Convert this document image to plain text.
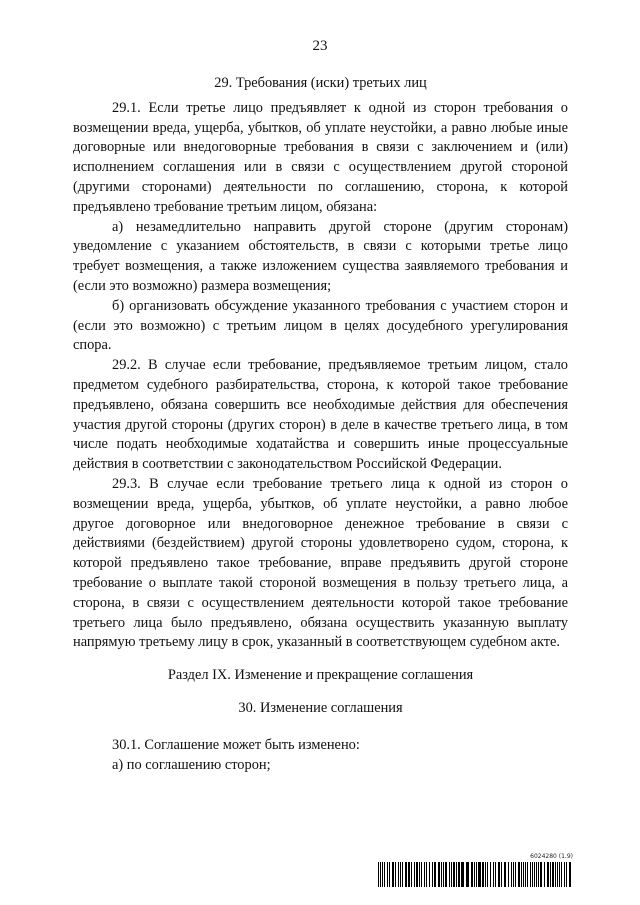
23

29. Требования (иски) третьих лиц

29.1. Если третье лицо предъявляет к одной из сторон требования о возмещении вреда, ущерба, убытков, об уплате неустойки, а равно любые иные договорные или внедоговорные требования в связи с заключением и (или) исполнением соглашения или в связи с осуществлением другой стороной (другими сторонами) деятельности по соглашению, сторона, к которой предъявлено требование третьим лицом, обязана:

а) незамедлительно направить другой стороне (другим сторонам) уведомление с указанием обстоятельств, в связи с которыми третье лицо требует возмещения, а также изложением существа заявляемого требования и (если это возможно) размера возмещения;

б) организовать обсуждение указанного требования с участием сторон и (если это возможно) с третьим лицом в целях досудебного урегулирования спора.

29.2. В случае если требование, предъявляемое третьим лицом, стало предметом судебного разбирательства, сторона, к которой такое требование предъявлено, обязана совершить все необходимые действия для обеспечения участия другой стороны (других сторон) в деле в качестве третьего лица, в том числе подать необходимые ходатайства и совершить иные процессуальные действия в соответствии с законодательством Российской Федерации.

29.3. В случае если требование третьего лица к одной из сторон о возмещении вреда, ущерба, убытков, об уплате неустойки, а равно любое другое договорное или внедоговорное денежное требование в связи с действиями (бездействием) другой стороны удовлетворено судом, сторона, к которой предъявлено такое требование, вправе предъявить другой стороне требование о выплате такой стороной возмещения в пользу третьего лица, а сторона, в связи с осуществлением деятельности которой такое требование третьего лица было предъявлено, обязана осуществить указанную выплату напрямую третьему лицу в срок, указанный в соответствующем судебном акте.

Раздел IX. Изменение и прекращение соглашения

30. Изменение соглашения

30.1. Соглашение может быть изменено:

а) по соглашению сторон;

6024280 (1.9)
